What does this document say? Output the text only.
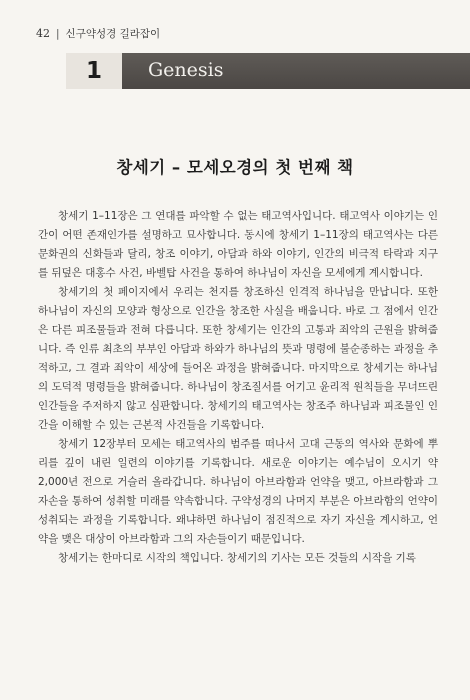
42 | 신구약성경 길라잡이
1	Genesis
창세기 – 모세오경의 첫 번째 책

창세기 1–11장은 그 연대를 파악할 수 없는 태고역사입니다. 태고역사 이야기는 인간이 어떤 존재인가를 설명하고 묘사합니다. 동시에 창세기 1–11장의 태고역사는 다른 문화권의 신화들과 달리, 창조 이야기, 아담과 하와 이야기, 인간의 비극적 타락과 지구를 뒤덮은 대홍수 사건, 바벨탑 사건을 통하여 하나님이 자신을 모세에게 계시합니다.

창세기의 첫 페이지에서 우리는 천지를 창조하신 인격적 하나님을 만납니다. 또한 하나님이 자신의 모양과 형상으로 인간을 창조한 사실을 배웁니다. 바로 그 점에서 인간은 다른 피조물들과 전혀 다릅니다. 또한 창세기는 인간의 고통과 죄악의 근원을 밝혀줍니다. 즉 인류 최초의 부부인 아담과 하와가 하나님의 뜻과 명령에 불순종하는 과정을 추적하고, 그 결과 죄악이 세상에 들어온 과정을 밝혀줍니다. 마지막으로 창세기는 하나님의 도덕적 명령들을 밝혀줍니다. 하나님이 창조질서를 어기고 윤리적 원칙들을 무너뜨린 인간들을 주저하지 않고 심판합니다. 창세기의 태고역사는 창조주 하나님과 피조물인 인간을 이해할 수 있는 근본적 사건들을 기록합니다.

창세기 12장부터 모세는 태고역사의 범주를 떠나서 고대 근동의 역사와 문화에 뿌리를 깊이 내린 일련의 이야기를 기록합니다. 새로운 이야기는 예수님이 오시기 약 2,000년 전으로 거슬러 올라갑니다. 하나님이 아브라함과 언약을 맺고, 아브라함과 그 자손을 통하여 성취할 미래를 약속합니다. 구약성경의 나머지 부분은 아브라함의 언약이 성취되는 과정을 기록합니다. 왜냐하면 하나님이 점진적으로 자기 자신을 계시하고, 언약을 맺은 대상이 아브라함과 그의 자손들이기 때문입니다.

창세기는 한마디로 시작의 책입니다. 창세기의 기사는 모든 것들의 시작을 기록
